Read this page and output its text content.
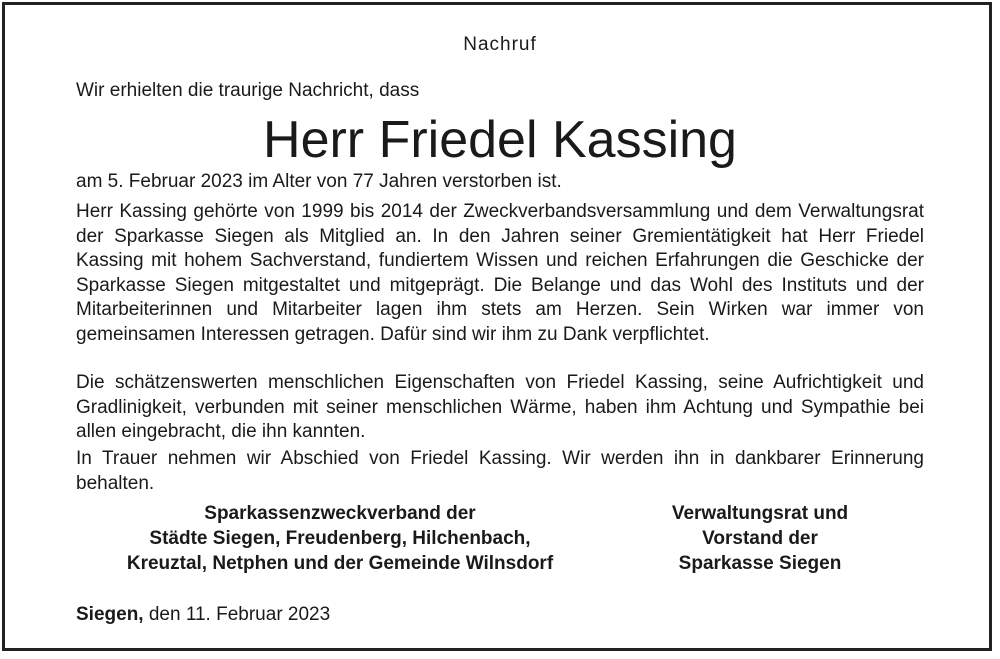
Nachruf
Wir erhielten die traurige Nachricht, dass
Herr Friedel Kassing
am 5. Februar 2023 im Alter von 77 Jahren verstorben ist.
Herr Kassing gehörte von 1999 bis 2014 der Zweckverbandsversammlung und dem Verwaltungsrat der Sparkasse Siegen als Mitglied an. In den Jahren seiner Gremientätigkeit hat Herr Friedel Kassing mit hohem Sachverstand, fundiertem Wissen und reichen Erfahrungen die Geschicke der Sparkasse Siegen mitgestaltet und mitgeprägt. Die Belange und das Wohl des Instituts und der Mitarbeiterinnen und Mitarbeiter lagen ihm stets am Herzen. Sein Wirken war immer von gemeinsamen Interessen getragen. Dafür sind wir ihm zu Dank verpflichtet.
Die schätzenswerten menschlichen Eigenschaften von Friedel Kassing, seine Aufrichtigkeit und Gradlinigkeit, verbunden mit seiner menschlichen Wärme, haben ihm Achtung und Sympathie bei allen eingebracht, die ihn kannten.
In Trauer nehmen wir Abschied von Friedel Kassing. Wir werden ihn in dankbarer Erinnerung behalten.
Sparkassenzweckverband der
Städte Siegen, Freudenberg, Hilchenbach,
Kreuztal, Netphen und der Gemeinde Wilnsdorf
Verwaltungsrat und
Vorstand der
Sparkasse Siegen
Siegen, den 11. Februar 2023
